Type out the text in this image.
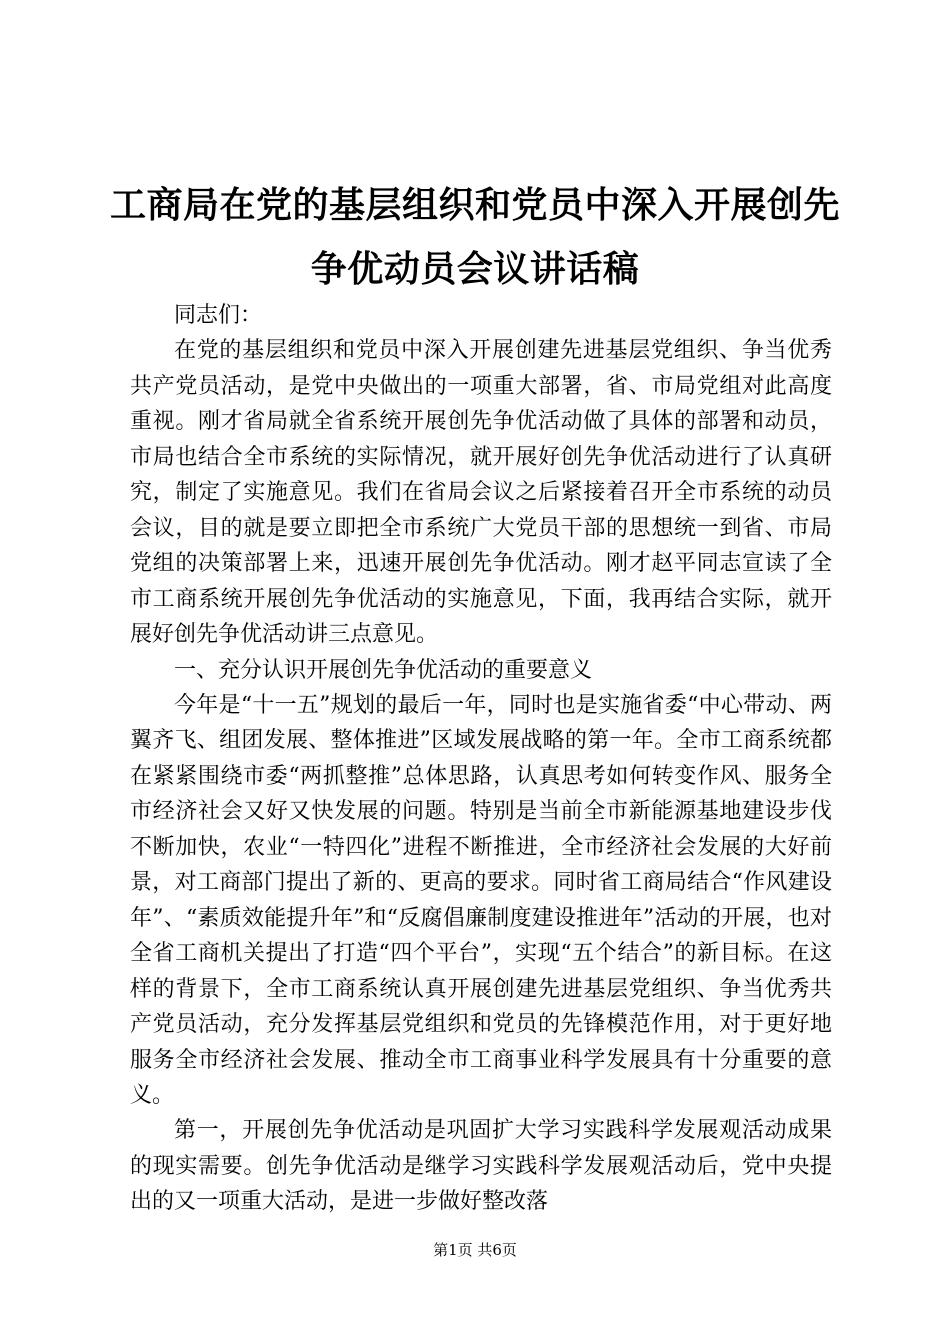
工商局在党的基层组织和党员中深入开展创先
争优动员会议讲话稿

同志们：

在党的基层组织和党员中深入开展创建先进基层党组织、争当优秀共产党员活动，是党中央做出的一项重大部署，省、市局党组对此高度重视。刚才省局就全省系统开展创先争优活动做了具体的部署和动员，市局也结合全市系统的实际情况，就开展好创先争优活动进行了认真研究，制定了实施意见。我们在省局会议之后紧接着召开全市系统的动员会议，目的就是要立即把全市系统广大党员干部的思想统一到省、市局党组的决策部署上来，迅速开展创先争优活动。刚才赵平同志宣读了全市工商系统开展创先争优活动的实施意见，下面，我再结合实际，就开展好创先争优活动讲三点意见。

一、充分认识开展创先争优活动的重要意义

今年是“十一五”规划的最后一年，同时也是实施省委“中心带动、两翼齐飞、组团发展、整体推进”区域发展战略的第一年。全市工商系统都在紧紧围绕市委“两抓整推”总体思路，认真思考如何转变作风、服务全市经济社会又好又快发展的问题。特别是当前全市新能源基地建设步伐不断加快，农业“一特四化”进程不断推进，全市经济社会发展的大好前景，对工商部门提出了新的、更高的要求。同时省工商局结合“作风建设年”、“素质效能提升年”和“反腐倡廉制度建设推进年”活动的开展，也对全省工商机关提出了打造“四个平台”，实现“五个结合”的新目标。在这样的背景下，全市工商系统认真开展创建先进基层党组织、争当优秀共产党员活动，充分发挥基层党组织和党员的先锋模范作用，对于更好地服务全市经济社会发展、推动全市工商事业科学发展具有十分重要的意义。

第一，开展创先争优活动是巩固扩大学习实践科学发展观活动成果的现实需要。创先争优活动是继学习实践科学发展观活动后，党中央提出的又一项重大活动，是进一步做好整改落

第1页 共6页
